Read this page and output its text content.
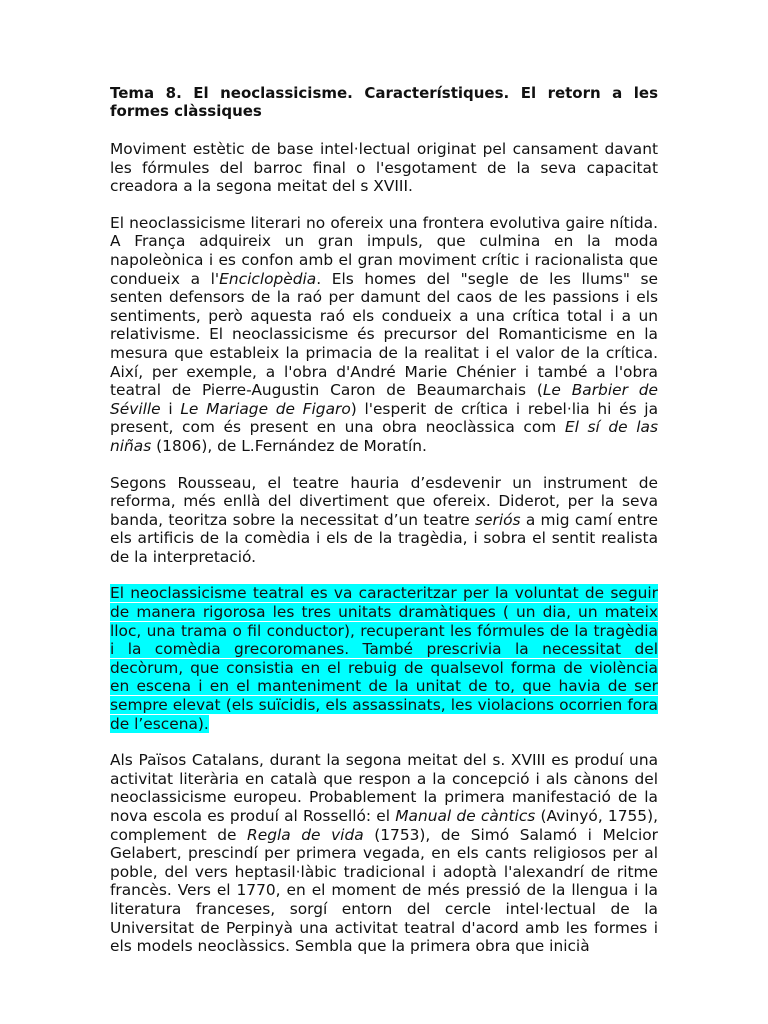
Tema 8. El neoclassicisme. Característiques. El retorn a les formes clàssiques

Moviment estètic de base intel·lectual originat pel cansament davant les fórmules del barroc final o l'esgotament de la seva capacitat creadora a la segona meitat del s XVIII.

El neoclassicisme literari no ofereix una frontera evolutiva gaire nítida. A França adquireix un gran impuls, que culmina en la moda napoleònica i es confon amb el gran moviment crític i racionalista que condueix a l'Enciclopèdia. Els homes del "segle de les llums" se senten defensors de la raó per damunt del caos de les passions i els sentiments, però aquesta raó els condueix a una crítica total i a un relativisme. El neoclassicisme és precursor del Romanticisme en la mesura que estableix la primacia de la realitat i el valor de la crítica. Així, per exemple, a l'obra d'André Marie Chénier i també a l'obra teatral de Pierre-Augustin Caron de Beaumarchais (Le Barbier de Séville i Le Mariage de Figaro) l'esperit de crítica i rebel·lia hi és ja present, com és present en una obra neoclàssica com El sí de las niñas (1806), de L.Fernández de Moratín.

Segons Rousseau, el teatre hauria d’esdevenir un instrument de reforma, més enllà del divertiment que ofereix. Diderot, per la seva banda, teoritza sobre la necessitat d’un teatre seriós a mig camí entre els artificis de la comèdia i els de la tragèdia, i sobra el sentit realista de la interpretació.

El neoclassicisme teatral es va caracteritzar per la voluntat de seguir de manera rigorosa les tres unitats dramàtiques ( un dia, un mateix lloc, una trama o fil conductor), recuperant les fórmules de la tragèdia i la comèdia grecoromanes. També prescrivia la necessitat del decòrum, que consistia en el rebuig de qualsevol forma de violència en escena i en el manteniment de la unitat de to, que havia de ser sempre elevat (els suïcidis, els assassinats, les violacions ocorrien fora de l’escena).

Als Països Catalans, durant la segona meitat del s. XVIII es produí una activitat literària en català que respon a la concepció i als cànons del neoclassicisme europeu. Probablement la primera manifestació de la nova escola es produí al Rosselló: el Manual de càntics (Avinyó, 1755), complement de Regla de vida (1753), de Simó Salamó i Melcior Gelabert, prescindí per primera vegada, en els cants religiosos per al poble, del vers heptasil·làbic tradicional i adoptà l'alexandrí de ritme francès. Vers el 1770, en el moment de més pressió de la llengua i la literatura franceses, sorgí entorn del cercle intel·lectual de la Universitat de Perpinyà una activitat teatral d'acord amb les formes i els models neoclàssics. Sembla que la primera obra que inicià
